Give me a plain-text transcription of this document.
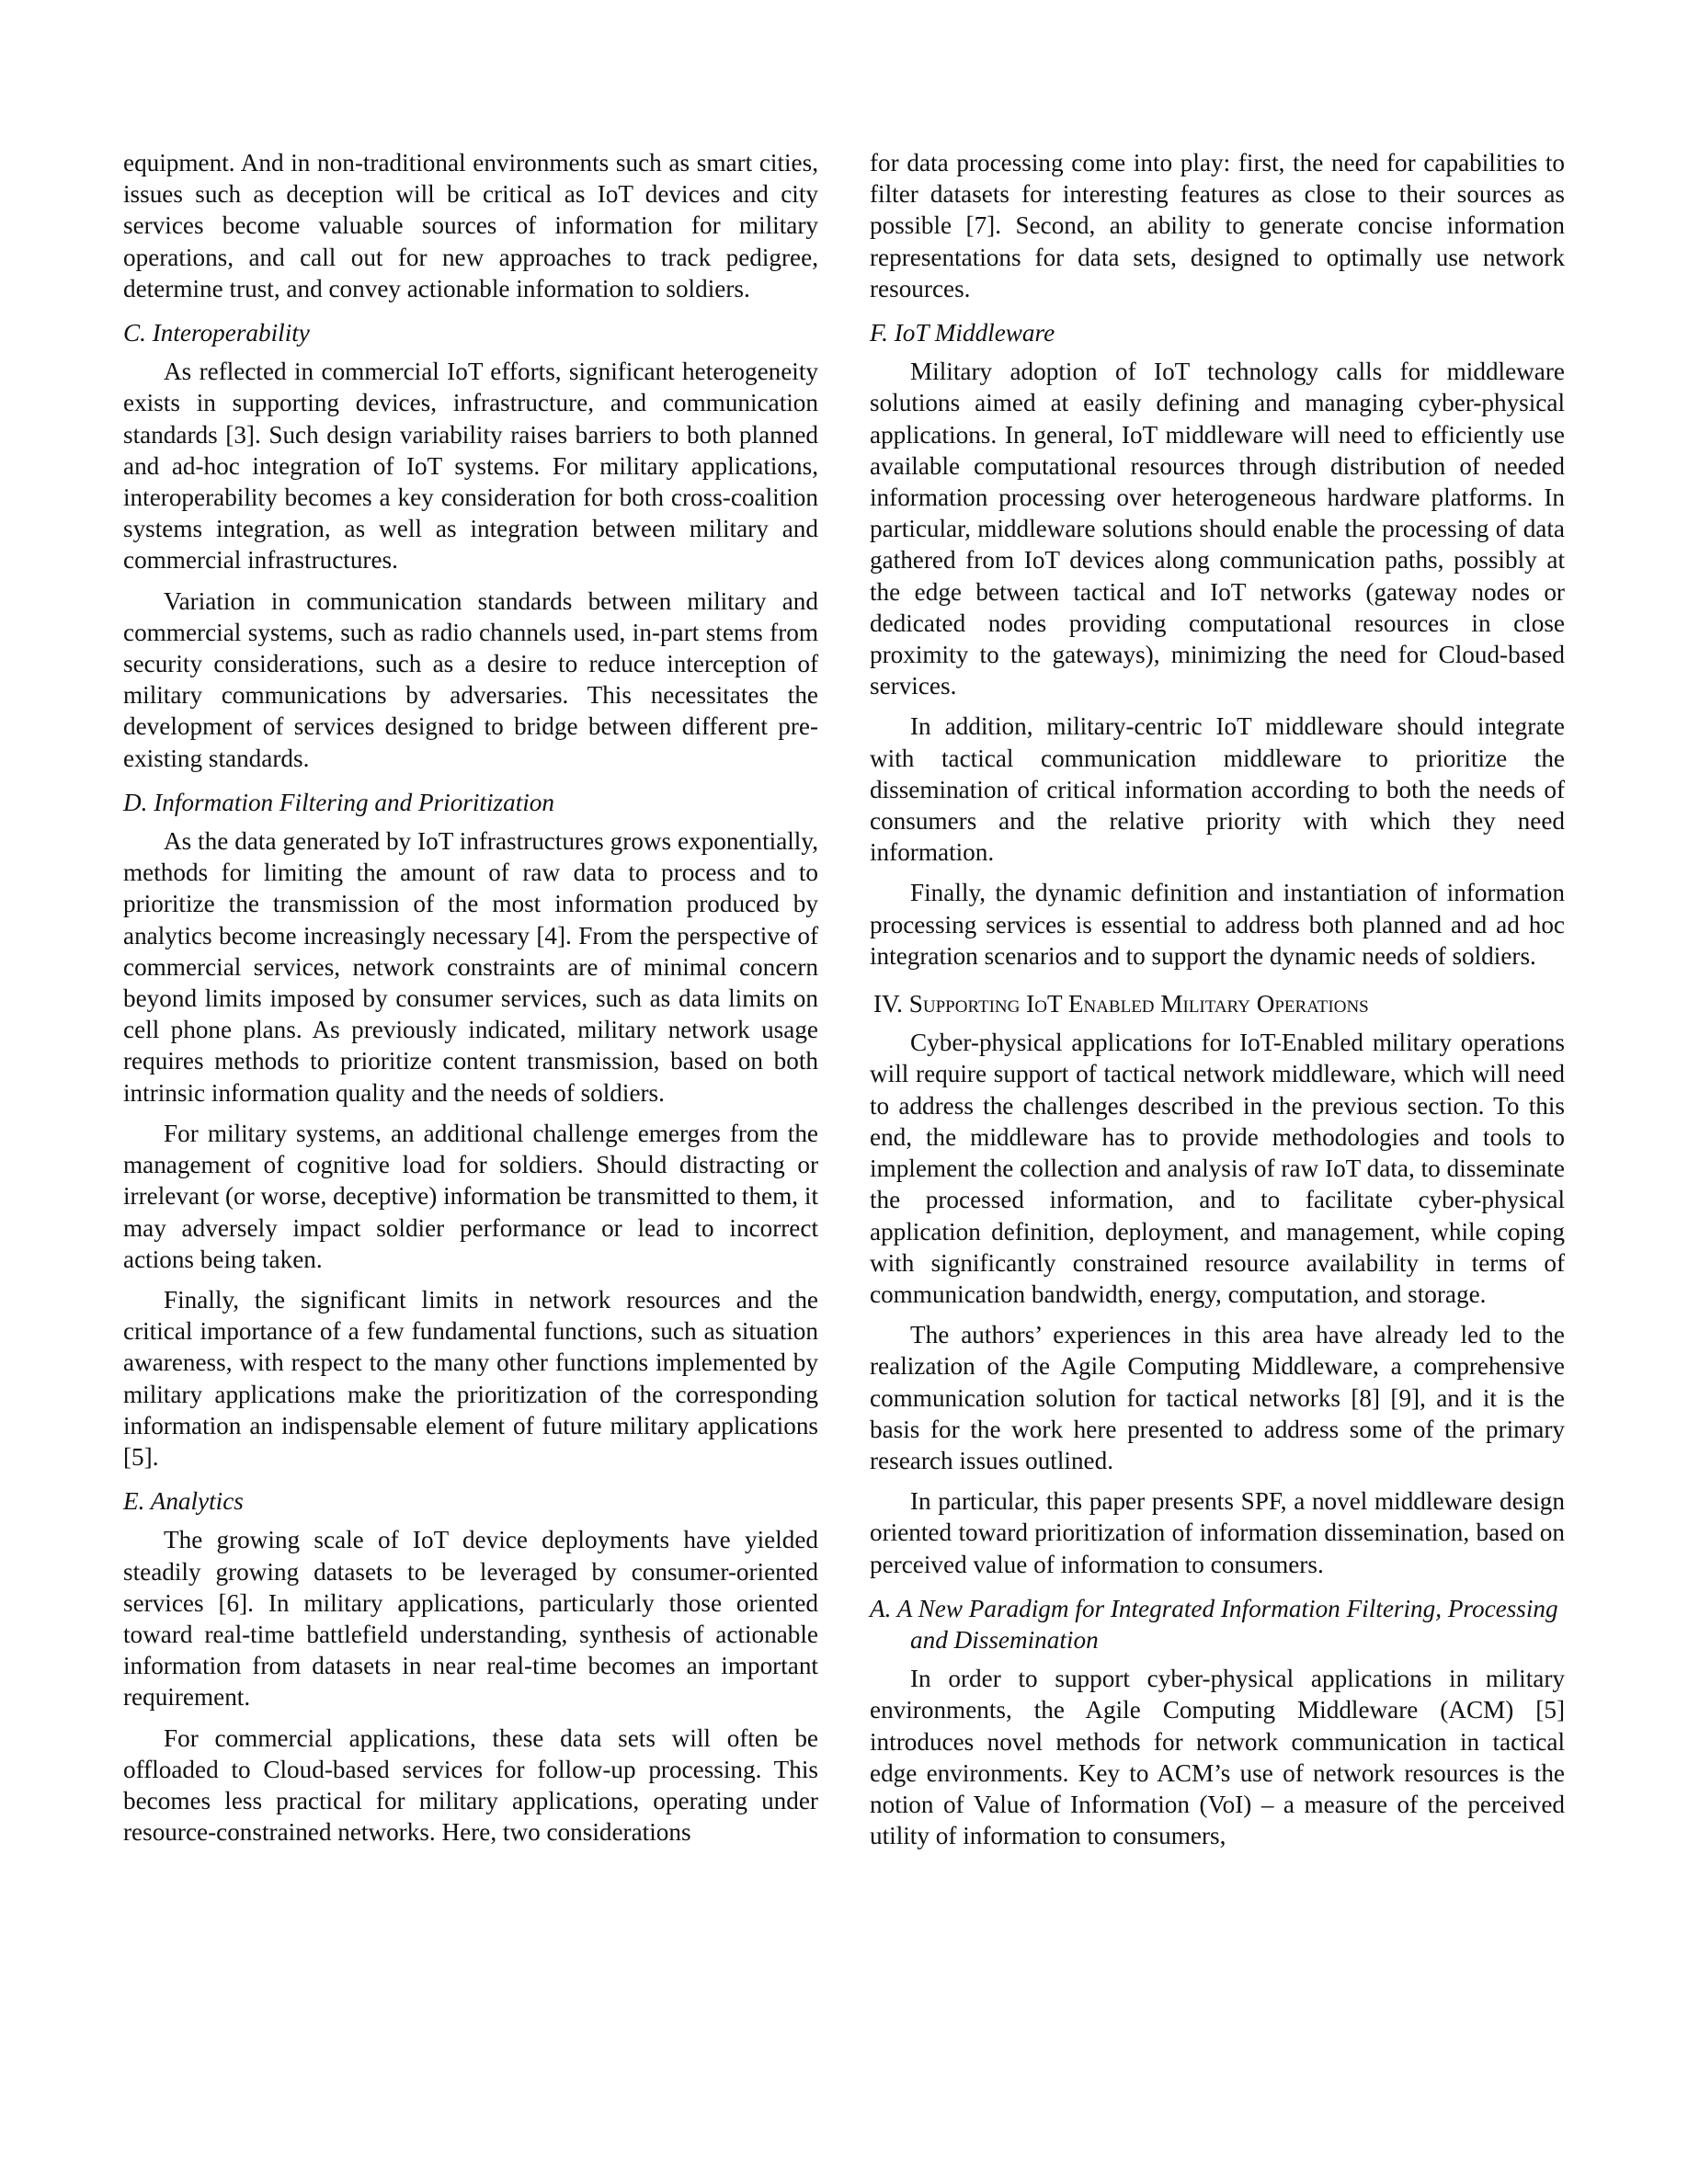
equipment. And in non-traditional environments such as smart cities, issues such as deception will be critical as IoT devices and city services become valuable sources of information for military operations, and call out for new approaches to track pedigree, determine trust, and convey actionable information to soldiers.

C. Interoperability

As reflected in commercial IoT efforts, significant heterogeneity exists in supporting devices, infrastructure, and communication standards [3]. Such design variability raises barriers to both planned and ad-hoc integration of IoT systems. For military applications, interoperability becomes a key consideration for both cross-coalition systems integration, as well as integration between military and commercial infrastructures.

Variation in communication standards between military and commercial systems, such as radio channels used, in-part stems from security considerations, such as a desire to reduce interception of military communications by adversaries. This necessitates the development of services designed to bridge between different pre-existing standards.

D. Information Filtering and Prioritization

As the data generated by IoT infrastructures grows exponentially, methods for limiting the amount of raw data to process and to prioritize the transmission of the most information produced by analytics become increasingly necessary [4]. From the perspective of commercial services, network constraints are of minimal concern beyond limits imposed by consumer services, such as data limits on cell phone plans. As previously indicated, military network usage requires methods to prioritize content transmission, based on both intrinsic information quality and the needs of soldiers.

For military systems, an additional challenge emerges from the management of cognitive load for soldiers. Should distracting or irrelevant (or worse, deceptive) information be transmitted to them, it may adversely impact soldier performance or lead to incorrect actions being taken.

Finally, the significant limits in network resources and the critical importance of a few fundamental functions, such as situation awareness, with respect to the many other functions implemented by military applications make the prioritization of the corresponding information an indispensable element of future military applications [5].

E. Analytics

The growing scale of IoT device deployments have yielded steadily growing datasets to be leveraged by consumer-oriented services [6]. In military applications, particularly those oriented toward real-time battlefield understanding, synthesis of actionable information from datasets in near real-time becomes an important requirement.

For commercial applications, these data sets will often be offloaded to Cloud-based services for follow-up processing. This becomes less practical for military applications, operating under resource-constrained networks. Here, two considerations

for data processing come into play: first, the need for capabilities to filter datasets for interesting features as close to their sources as possible [7]. Second, an ability to generate concise information representations for data sets, designed to optimally use network resources.

F. IoT Middleware

Military adoption of IoT technology calls for middleware solutions aimed at easily defining and managing cyber-physical applications. In general, IoT middleware will need to efficiently use available computational resources through distribution of needed information processing over heterogeneous hardware platforms. In particular, middleware solutions should enable the processing of data gathered from IoT devices along communication paths, possibly at the edge between tactical and IoT networks (gateway nodes or dedicated nodes providing computational resources in close proximity to the gateways), minimizing the need for Cloud-based services.

In addition, military-centric IoT middleware should integrate with tactical communication middleware to prioritize the dissemination of critical information according to both the needs of consumers and the relative priority with which they need information.

Finally, the dynamic definition and instantiation of information processing services is essential to address both planned and ad hoc integration scenarios and to support the dynamic needs of soldiers.

IV. Supporting IoT Enabled Military Operations

Cyber-physical applications for IoT-Enabled military operations will require support of tactical network middleware, which will need to address the challenges described in the previous section. To this end, the middleware has to provide methodologies and tools to implement the collection and analysis of raw IoT data, to disseminate the processed information, and to facilitate cyber-physical application definition, deployment, and management, while coping with significantly constrained resource availability in terms of communication bandwidth, energy, computation, and storage.

The authors’ experiences in this area have already led to the realization of the Agile Computing Middleware, a comprehensive communication solution for tactical networks [8] [9], and it is the basis for the work here presented to address some of the primary research issues outlined.

In particular, this paper presents SPF, a novel middleware design oriented toward prioritization of information dissemination, based on perceived value of information to consumers.

A. A New Paradigm for Integrated Information Filtering, Processing and Dissemination

In order to support cyber-physical applications in military environments, the Agile Computing Middleware (ACM) [5] introduces novel methods for network communication in tactical edge environments. Key to ACM’s use of network resources is the notion of Value of Information (VoI) – a measure of the perceived utility of information to consumers,
